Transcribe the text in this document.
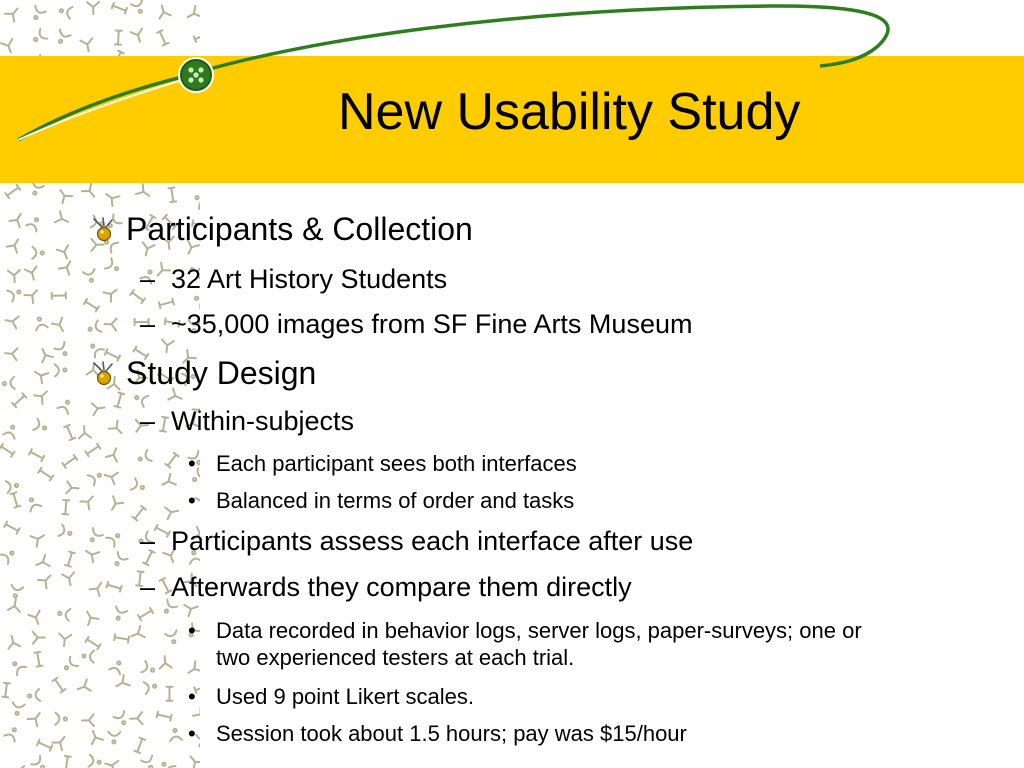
New Usability Study
Participants & Collection
32 Art History Students
–
~35,000 images from SF Fine Arts Museum
–
Study Design
Within-subjects
–
Each participant sees both interfaces
•
Balanced in terms of order and tasks
•
Participants assess each interface after use
–
Afterwards they compare them directly
–
Data recorded in behavior logs, server logs, paper-surveys; one or
two experienced testers at each trial.
•
Used 9 point Likert scales.
•
Session took about 1.5 hours; pay was $15/hour
•
